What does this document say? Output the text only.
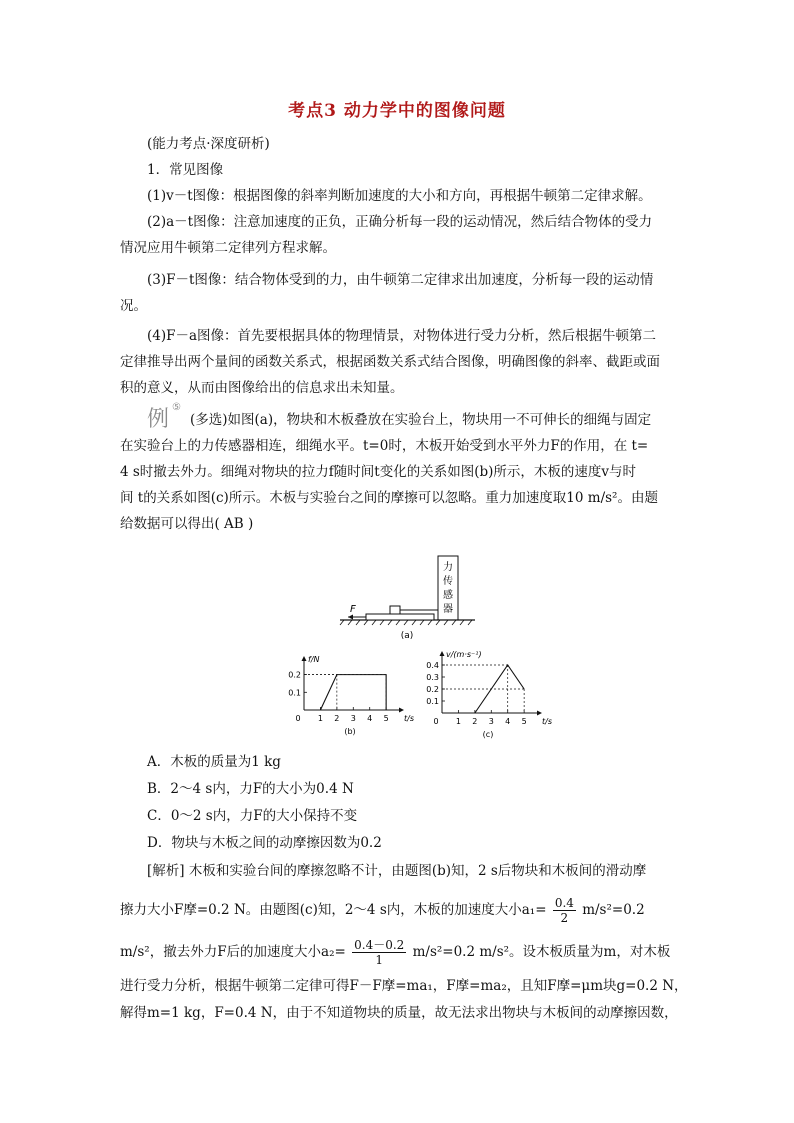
考点3 动力学中的图像问题
(能力考点·深度研析)
1．常见图像
(1)v－t图像：根据图像的斜率判断加速度的大小和方向，再根据牛顿第二定律求解。
(2)a－t图像：注意加速度的正负，正确分析每一段的运动情况，然后结合物体的受力
情况应用牛顿第二定律列方程求解。
(3)F－t图像：结合物体受到的力，由牛顿第二定律求出加速度，分析每一段的运动情
况。
(4)F－a图像：首先要根据具体的物理情景，对物体进行受力分析，然后根据牛顿第二
定律推导出两个量间的函数关系式，根据函数关系式结合图像，明确图像的斜率、截距或面
积的意义，从而由图像给出的信息求出未知量。
例 ⑤
(多选)如图(a)，物块和木板叠放在实验台上，物块用一不可伸长的细绳与固定
在实验台上的力传感器相连，细绳水平。t=0时，木板开始受到水平外力F的作用，在 t=
4 s时撤去外力。细绳对物块的拉力f随时间t变化的关系如图(b)所示，木板的速度v与时
间 t的关系如图(c)所示。木板与实验台之间的摩擦可以忽略。重力加速度取10 m/s²。由题
给数据可以得出( AB )
力
传
感
器
F
(a)
0 1 2 3 4 5
0.1
0.2
f/N
t/s
(b)
0 1 2 3 4 5
0.1
0.2
0.3
0.4
v/(m·s⁻¹)
t/s
(c)
A．木板的质量为1 kg
B．2～4 s内，力F的大小为0.4 N
C．0～2 s内，力F的大小保持不变
D．物块与木板之间的动摩擦因数为0.2
[解析] 木板和实验台间的摩擦忽略不计，由题图(b)知，2 s后物块和木板间的滑动摩
擦力大小F摩=0.2 N。由题图(c)知，2～4 s内，木板的加速度大小$a_1= \frac{0.4}{2} m/s^2=0.2$
m/s²，撤去外力F后的加速度大小$a_2= \frac{0.4-0.2}{1} m/s^2=0.2$ m/s²。设木板质量为m，对木板
进行受力分析，根据牛顿第二定律可得F－F摩=ma₁，F摩=ma₂，且知F摩=μm块g=0.2 N，
解得m=1 kg，F=0.4 N，由于不知道物块的质量，故无法求出物块与木板间的动摩擦因数，
